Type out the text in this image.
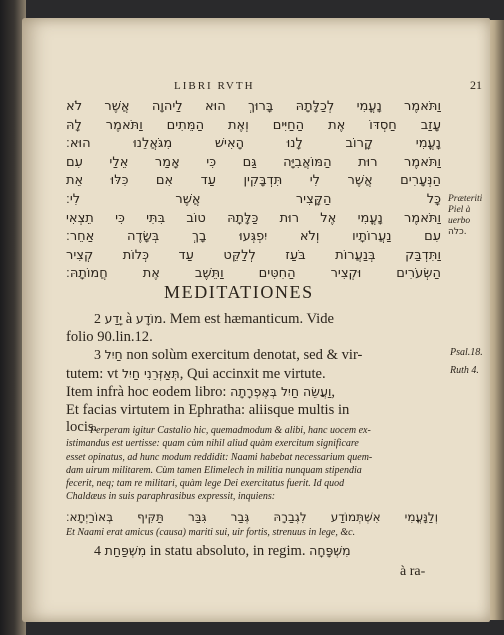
LIBRI RVTH	21
וַתֹּאמֶר נָעֳמִי לְכַלָּתָהּ בָּרוּךְ הוּא לַיהוָה אֲשֶׁר לֹא
עָזַב חַסְדּוֹ אֶת הַחַיִּים וְאֶת הַמֵּתִים וַתֹּאמֶר לָהּ
נָעֳמִי קָרוֹב לָנוּ הָאִישׁ מִגֹּאֲלֵנוּ הוּא׃
וַתֹּאמֶר רוּת הַמּוֹאֲבִיָּה גַּם כִּי אָמַר אֵלַי עִם
הַנְּעָרִים אֲשֶׁר לִי תִּדְבָּקִין עַד אִם כִּלּוּ אֵת
כָּל הַקָּצִיר אֲשֶׁר לִי׃
וַתֹּאמֶר נָעֳמִי אֶל רוּת כַּלָּתָהּ טוֹב בִּתִּי כִּי תֵצְאִי
עִם נַעֲרוֹתָיו וְלֹא יִפְגְּעוּ בָךְ בְּשָׂדֶה אַחֵר׃
וַתִּדְבַּק בְּנַעֲרוֹת בֹּעַז לְלַקֵּט עַד כְּלוֹת קְצִיר
הַשְּׂעֹרִים וּקְצִיר הַחִטִּים וַתֵּשֶׁב אֶת חֲמוֹתָהּ׃
Præteriti
Piel à uerbo
כלה.
MEDITATIONES

2 יָדַע à מוֹדָע. Mem est hæmanticum. Vide

folio 90.lin.12.

3 חַיִל non solùm exercitum denotat, sed & vir-

tutem: vt תְּאַזְּרֵנִי חַיִל, Qui accinxit me virtute.

Item infrà hoc eodem libro: וַעֲשֵׂה חַיִל בְּאֶפְרָתָה,

Et facias virtutem in Ephratha: aliisque multis in

locis.

Psal.18.
Ruth 4.

Perperam igitur Castalio hic, quemadmodum & alibi, hanc uocem ex-

istimandus est uertisse: quam cùm nihil aliud quàm exercitum significare

esset opinatus, ad hunc modum reddidit: Naami habebat necessarium quem-

dam uirum militarem. Cùm tamen Elimelech in militia nunquam stipendia

fecerit, neq; tam re militari, quàm lege Dei exercitatus fuerit. Id quod

Chaldæus in suis paraphrasibus expressit, inquiens:

וְלַנָּעֳמִי אִשְׁתְּמוֹדַע לִגְבַרָהּ גְּבַר גִּבַּר תַּקִּיף בְּאוֹרַיְתָא׃
Et Naami erat amicus (causa) mariti sui, uir fortis, strenuus in lege, &c.
4 מִשְׁפַּחַת in statu absoluto, in regim. מִשְׁפָּחָה
à ra-
